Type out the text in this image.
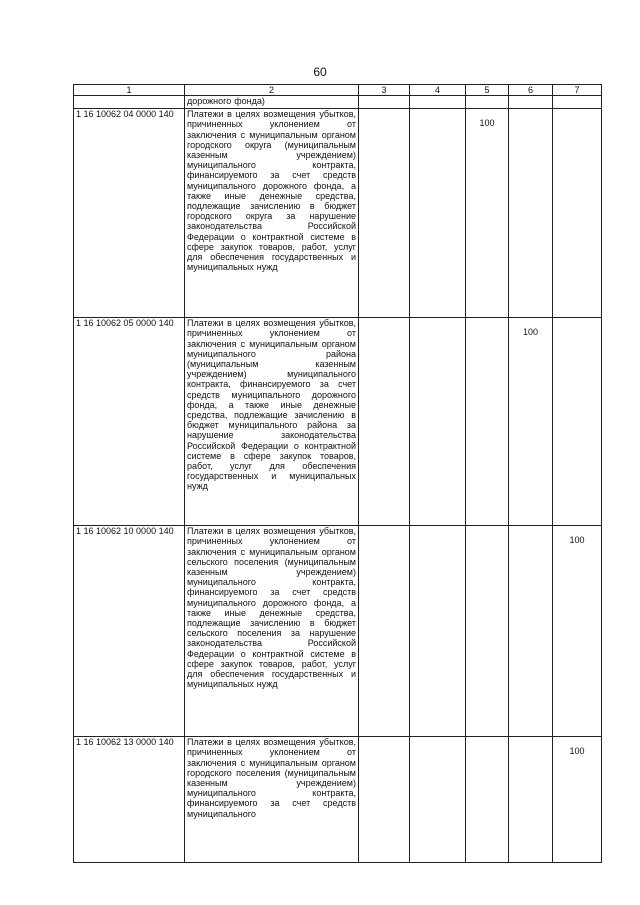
60
1	2	3	4	5	6	7
	дорожного фонда)					
1 16 10062 04 0000 140	Платежи в целях возмещения убытков, причиненных уклонением от заключения с муниципальным органом городского округа (муниципальным казенным учреждением) муниципального контракта, финансируемого за счет средств муниципального дорожного фонда, а также иные денежные средства, подлежащие зачислению в бюджет городского округа за нарушение законодательства Российской Федерации о контрактной системе в сфере закупок товаров, работ, услуг для обеспечения государственных и муниципальных нужд			100		

1 16 10062 05 0000 140	Платежи в целях возмещения убытков, причиненных уклонением от заключения с муниципальным органом муниципального района (муниципальным казенным учреждением) муниципального контракта, финансируемого за счет средств муниципального дорожного фонда, а также иные денежные средства, подлежащие зачислению в бюджет муниципального района за нарушение законодательства Российской Федерации о контрактной системе в сфере закупок товаров, работ, услуг для обеспечения государственных и муниципальных нужд				100	

1 16 10062 10 0000 140	Платежи в целях возмещения убытков, причиненных уклонением от заключения с муниципальным органом сельского поселения (муниципальным казенным учреждением) муниципального контракта, финансируемого за счет средств муниципального дорожного фонда, а также иные денежные средства, подлежащие зачислению в бюджет сельского поселения за нарушение законодательства Российской Федерации о контрактной системе в сфере закупок товаров, работ, услуг для обеспечения государственных и муниципальных нужд					100

1 16 10062 13 0000 140	Платежи в целях возмещения убытков, причиненных уклонением от заключения с муниципальным органом городского поселения (муниципальным казенным учреждением) муниципального контракта, финансируемого за счет средств муниципального					100
